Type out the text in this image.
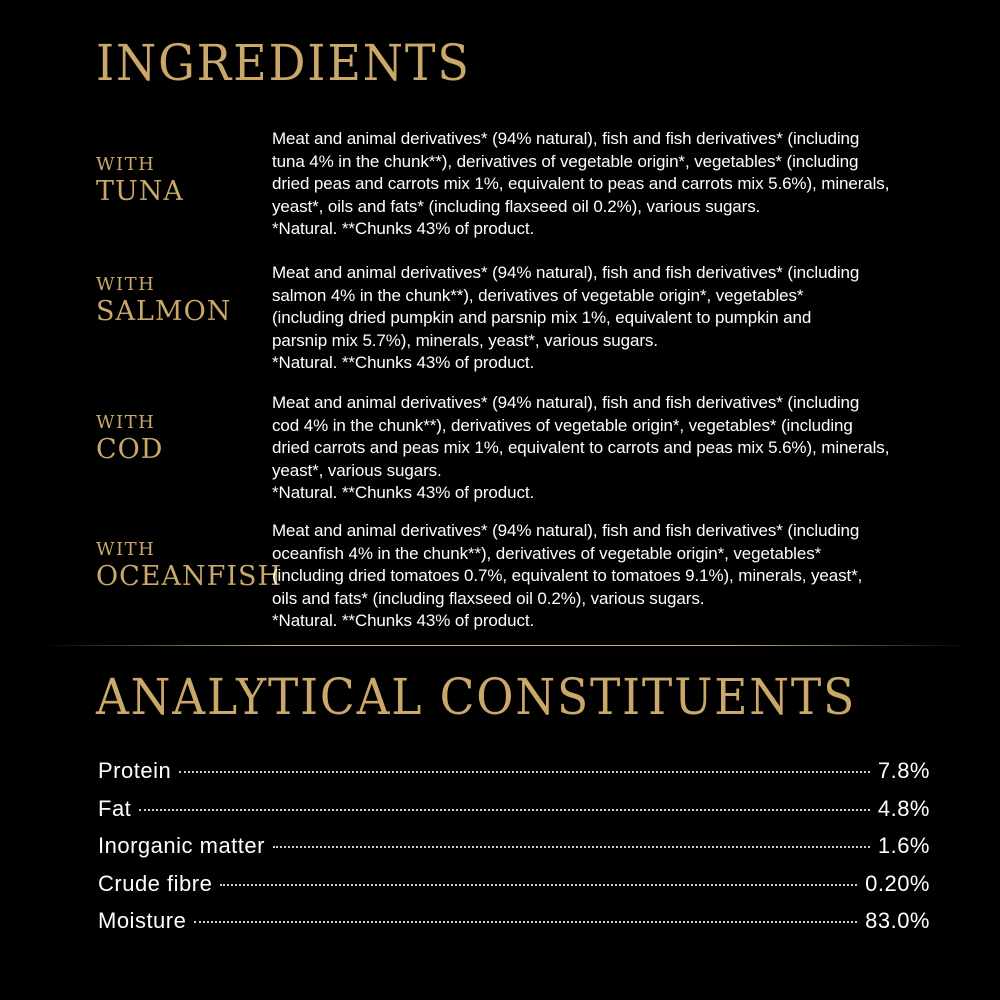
INGREDIENTS
WITH
TUNA
Meat and animal derivatives* (94% natural), fish and fish derivatives* (including
tuna 4% in the chunk**), derivatives of vegetable origin*, vegetables* (including
dried peas and carrots mix 1%, equivalent to peas and carrots mix 5.6%), minerals,
yeast*, oils and fats* (including flaxseed oil 0.2%), various sugars.
*Natural. **Chunks 43% of product.
WITH
SALMON
Meat and animal derivatives* (94% natural), fish and fish derivatives* (including
salmon 4% in the chunk**), derivatives of vegetable origin*, vegetables*
(including dried pumpkin and parsnip mix 1%, equivalent to pumpkin and
parsnip mix 5.7%), minerals, yeast*, various sugars.
*Natural. **Chunks 43% of product.
WITH
COD
Meat and animal derivatives* (94% natural), fish and fish derivatives* (including
cod 4% in the chunk**), derivatives of vegetable origin*, vegetables* (including
dried carrots and peas mix 1%, equivalent to carrots and peas mix 5.6%), minerals,
yeast*, various sugars.
*Natural. **Chunks 43% of product.
WITH
OCEANFISH
Meat and animal derivatives* (94% natural), fish and fish derivatives* (including
oceanfish 4% in the chunk**), derivatives of vegetable origin*, vegetables*
(including dried tomatoes 0.7%, equivalent to tomatoes 9.1%), minerals, yeast*,
oils and fats* (including flaxseed oil 0.2%), various sugars.
*Natural. **Chunks 43% of product.
ANALYTICAL CONSTITUENTS
Protein	7.8%
Fat	4.8%
Inorganic matter	1.6%
Crude fibre	0.20%
Moisture	83.0%
